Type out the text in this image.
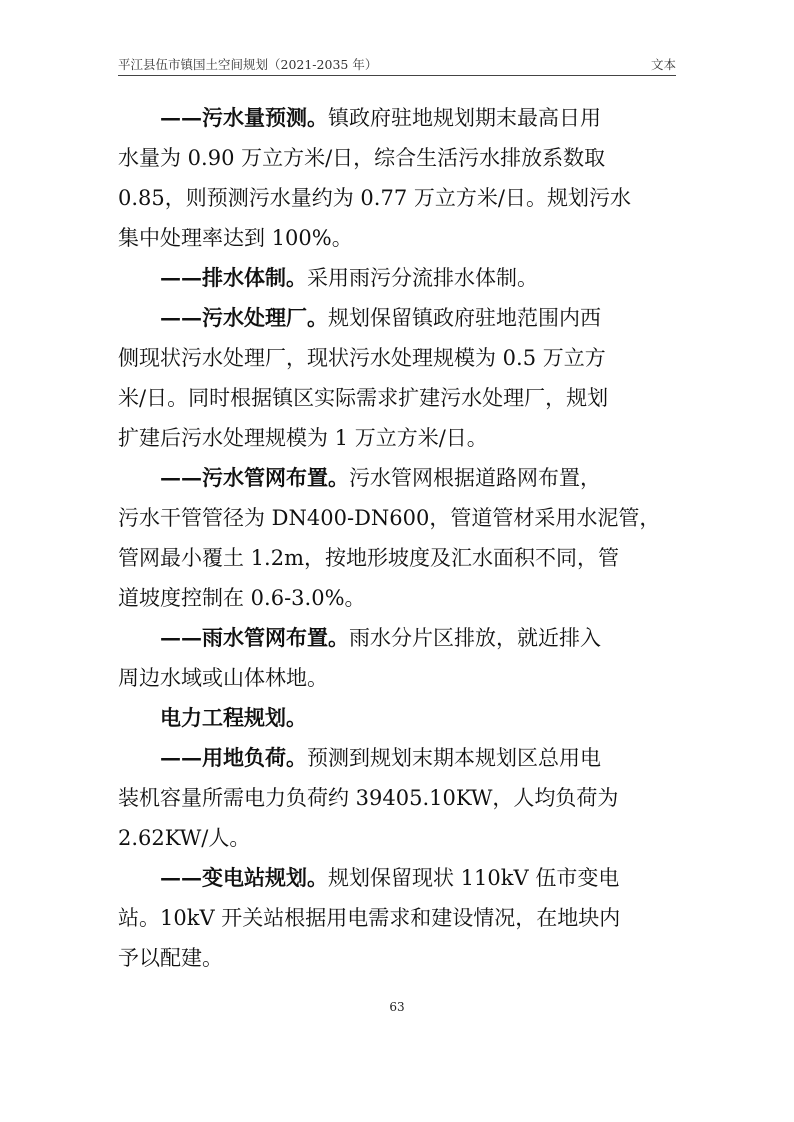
平江县伍市镇国土空间规划（2021-2035 年）	文本

——污水量预测。镇政府驻地规划期末最高日用
水量为 0.90 万立方米/日，综合生活污水排放系数取
0.85，则预测污水量约为 0.77 万立方米/日。规划污水
集中处理率达到 100%。

——排水体制。采用雨污分流排水体制。

——污水处理厂。规划保留镇政府驻地范围内西
侧现状污水处理厂，现状污水处理规模为 0.5 万立方
米/日。同时根据镇区实际需求扩建污水处理厂，规划
扩建后污水处理规模为 1 万立方米/日。

——污水管网布置。污水管网根据道路网布置，
污水干管管径为 DN400-DN600，管道管材采用水泥管，
管网最小覆土 1.2m，按地形坡度及汇水面积不同，管
道坡度控制在 0.6-3.0%。

——雨水管网布置。雨水分片区排放，就近排入
周边水域或山体林地。

电力工程规划。

——用地负荷。预测到规划末期本规划区总用电
装机容量所需电力负荷约 39405.10KW，人均负荷为
2.62KW/人。

——变电站规划。规划保留现状 110kV 伍市变电
站。10kV 开关站根据用电需求和建设情况，在地块内
予以配建。

63
